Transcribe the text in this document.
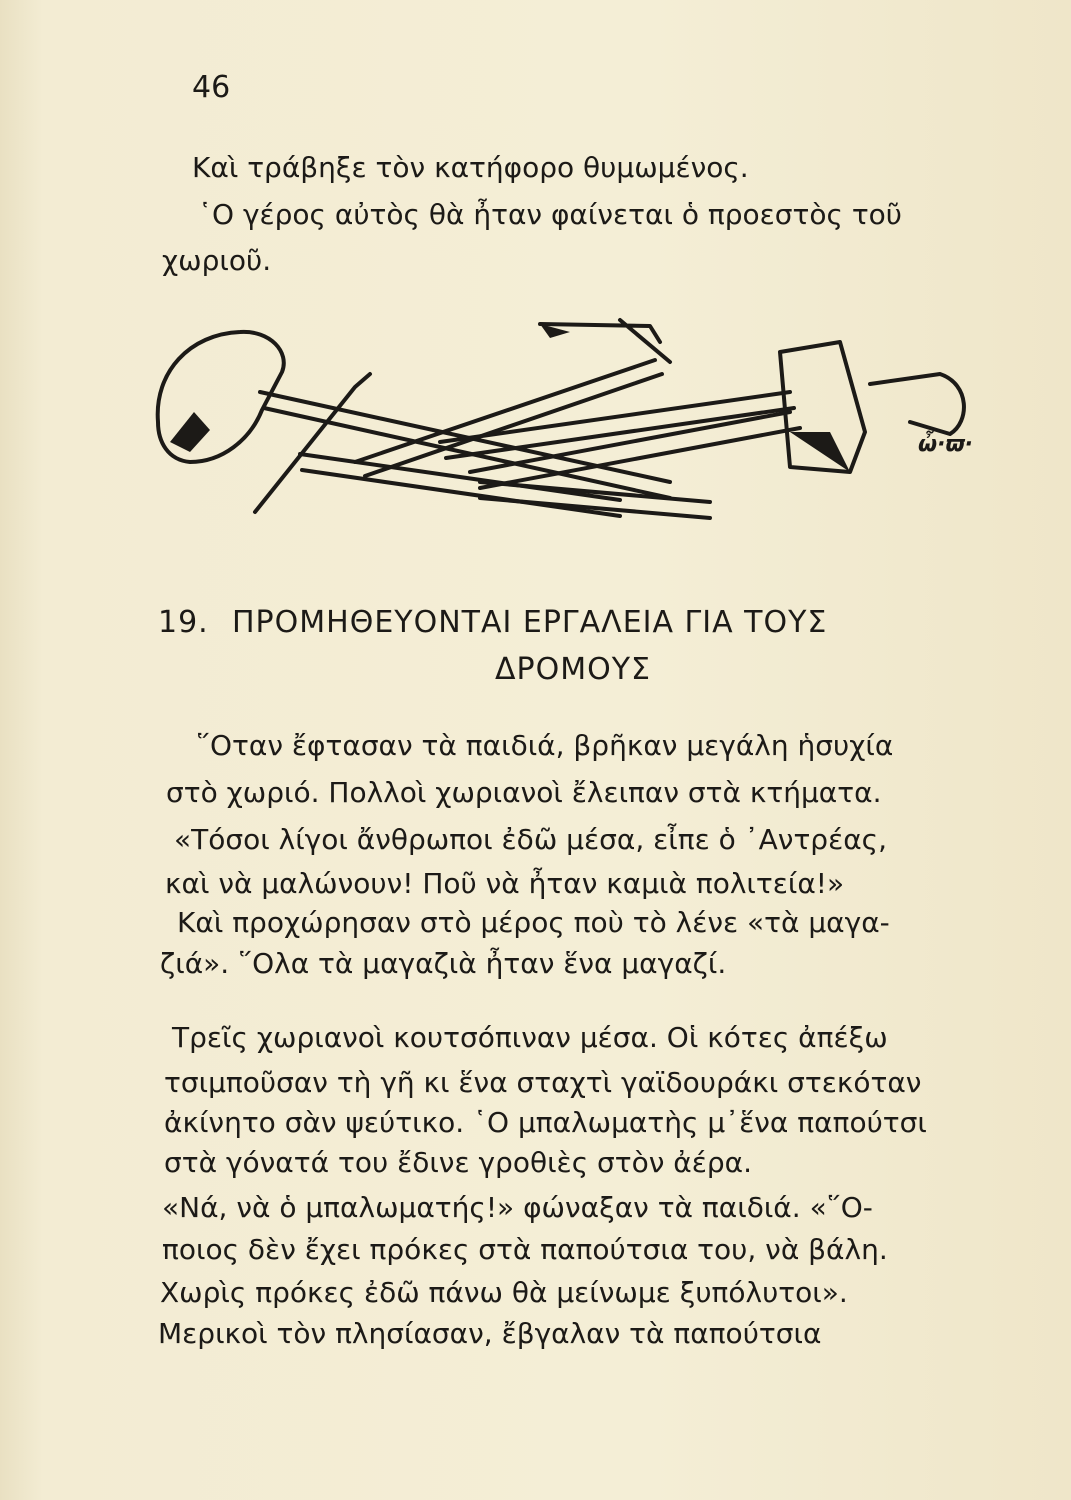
46
Καὶ τράβηξε τὸν κατήφορο θυμωμένος.
῾Ο γέρος αὐτὸς θὰ ἦταν φαίνεται ὁ προεστὸς τοῦ
χωριοῦ.
ὦ·ϖ·
19. ΠΡΟΜΗΘΕΥΟΝΤΑΙ ΕΡΓΑΛΕΙΑ ΓΙΑ ΤΟΥΣ
ΔΡΟΜΟΥΣ
῞Οταν ἔφτασαν τὰ παιδιά, βρῆκαν μεγάλη ἡσυχία
στὸ χωριό. Πολλοὶ χωριανοὶ ἔλειπαν στὰ κτήματα.
«Τόσοι λίγοι ἄνθρωποι ἐδῶ μέσα, εἶπε ὁ ᾿Αντρέας,
καὶ νὰ μαλώνουν! Ποῦ νὰ ἦταν καμιὰ πολιτεία!»
Καὶ προχώρησαν στὸ μέρος ποὺ τὸ λένε «τὰ μαγα-
ζιά». ῞Ολα τὰ μαγαζιὰ ἦταν ἕνα μαγαζί.
Τρεῖς χωριανοὶ κουτσόπιναν μέσα. Οἱ κότες ἀπέξω
τσιμποῦσαν τὴ γῆ κι ἕνα σταχτὶ γαϊδουράκι στεκόταν
ἀκίνητο σὰν ψεύτικο. ῾Ο μπαλωματὴς μ᾿ἕνα παπούτσι
στὰ γόνατά του ἔδινε γροθιὲς στὸν ἀέρα.
«Νά, νὰ ὁ μπαλωματής!» φώναξαν τὰ παιδιά. «῞Ο-
ποιος δὲν ἔχει πρόκες στὰ παπούτσια του, νὰ βάλη.
Χωρὶς πρόκες ἐδῶ πάνω θὰ μείνωμε ξυπόλυτοι».
Μερικοὶ τὸν πλησίασαν, ἔβγαλαν τὰ παπούτσια
